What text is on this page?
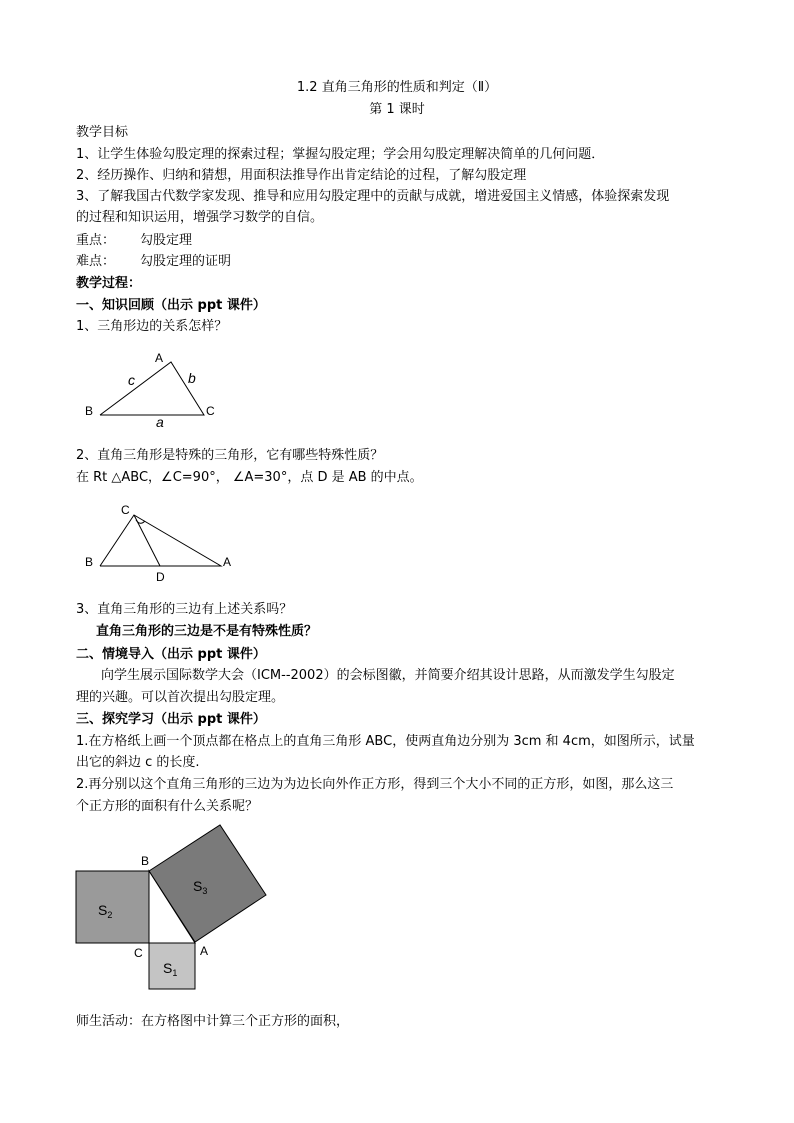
1.2 直角三角形的性质和判定（Ⅱ）
第 1 课时
教学目标
1、让学生体验勾股定理的探索过程；掌握勾股定理；学会用勾股定理解决简单的几何问题．
2、经历操作、归纳和猜想，用面积法推导作出肯定结论的过程，了解勾股定理
3、了解我国古代数学家发现、推导和应用勾股定理中的贡献与成就，增进爱国主义情感，体验探索发现
的过程和知识运用，增强学习数学的自信。
重点： 勾股定理
难点： 勾股定理的证明
教学过程：
一、知识回顾（出示 ppt 课件）
1、三角形边的关系怎样？
A
B	C
c	b
a
2、直角三角形是特殊的三角形，它有哪些特殊性质？
在 Rt △ABC，∠C=90°， ∠A=30°，点 D 是 AB 的中点。
C
B	A
D
3、直角三角形的三边有上述关系吗？
直角三角形的三边是不是有特殊性质？
二、情境导入（出示 ppt 课件）
向学生展示国际数学大会（ICM--2002）的会标图徽，并简要介绍其设计思路，从而激发学生勾股定
理的兴趣。可以首次提出勾股定理。
三、探究学习（出示 ppt 课件）
1.在方格纸上画一个顶点都在格点上的直角三角形 ABC，使两直角边分别为 3cm 和 4cm，如图所示，试量
出它的斜边 c 的长度.
2.再分别以这个直角三角形的三边为为边长向外作正方形，得到三个大小不同的正方形，如图，那么这三
个正方形的面积有什么关系呢？
B
C	A
$S_3$
$S_2$
$S_1$
师生活动：在方格图中计算三个正方形的面积，
